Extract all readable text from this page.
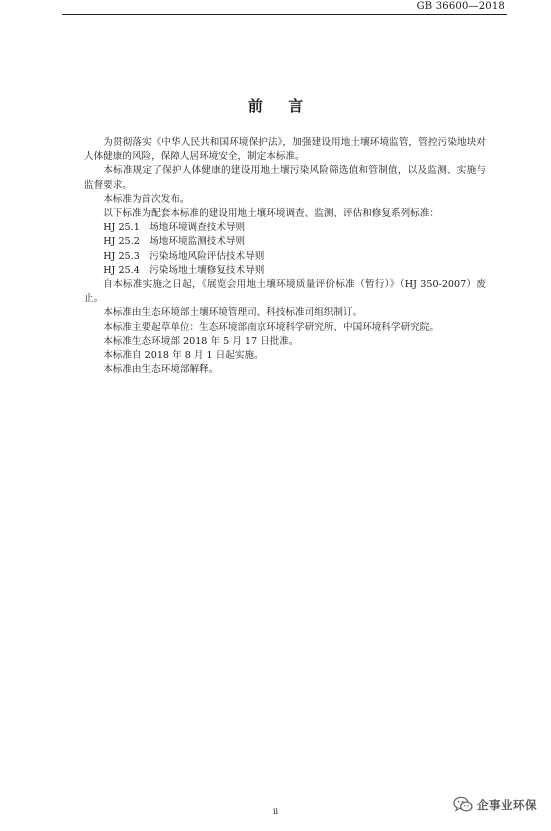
GB 36600—2018
前 言

为贯彻落实《中华人民共和国环境保护法》，加强建设用地土壤环境监管，管控污染地块对人体健康的风险，保障人居环境安全，制定本标准。

本标准规定了保护人体健康的建设用地土壤污染风险筛选值和管制值，以及监测、实施与监督要求。

本标准为首次发布。

以下标准为配套本标准的建设用地土壤环境调查、监测、评估和修复系列标准：

HJ 25.1 场地环境调查技术导则
HJ 25.2 场地环境监测技术导则
HJ 25.3 污染场地风险评估技术导则
HJ 25.4 污染场地土壤修复技术导则

自本标准实施之日起，《展览会用地土壤环境质量评价标准（暂行）》（HJ 350-2007）废止。

本标准由生态环境部土壤环境管理司、科技标准司组织制订。

本标准主要起草单位：生态环境部南京环境科学研究所、中国环境科学研究院。

本标准生态环境部 2018 年 5 月 17 日批准。

本标准自 2018 年 8 月 1 日起实施。

本标准由生态环境部解释。

ii	企事业环保
